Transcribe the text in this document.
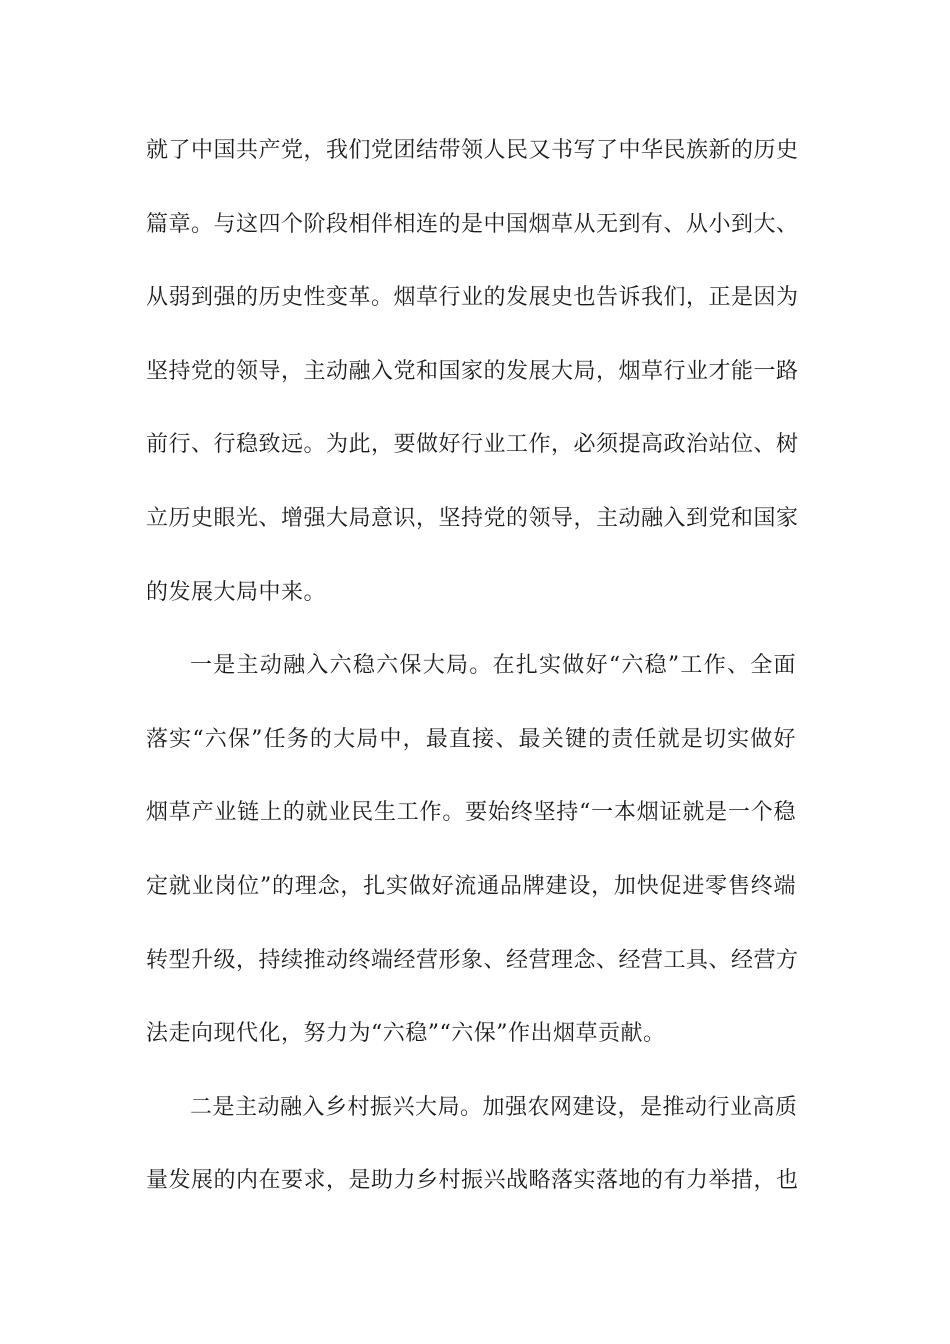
就了中国共产党，我们党团结带领人民又书写了中华民族新的历史
篇章。与这四个阶段相伴相连的是中国烟草从无到有、从小到大、
从弱到强的历史性变革。烟草行业的发展史也告诉我们，正是因为
坚持党的领导，主动融入党和国家的发展大局，烟草行业才能一路
前行、行稳致远。为此，要做好行业工作，必须提高政治站位、树
立历史眼光、增强大局意识，坚持党的领导，主动融入到党和国家
的发展大局中来。
一是主动融入六稳六保大局。在扎实做好“六稳”工作、全面
落实“六保”任务的大局中，最直接、最关键的责任就是切实做好
烟草产业链上的就业民生工作。要始终坚持“一本烟证就是一个稳
定就业岗位”的理念，扎实做好流通品牌建设，加快促进零售终端
转型升级，持续推动终端经营形象、经营理念、经营工具、经营方
法走向现代化，努力为“六稳”“六保”作出烟草贡献。
二是主动融入乡村振兴大局。加强农网建设，是推动行业高质
量发展的内在要求，是助力乡村振兴战略落实落地的有力举措，也
